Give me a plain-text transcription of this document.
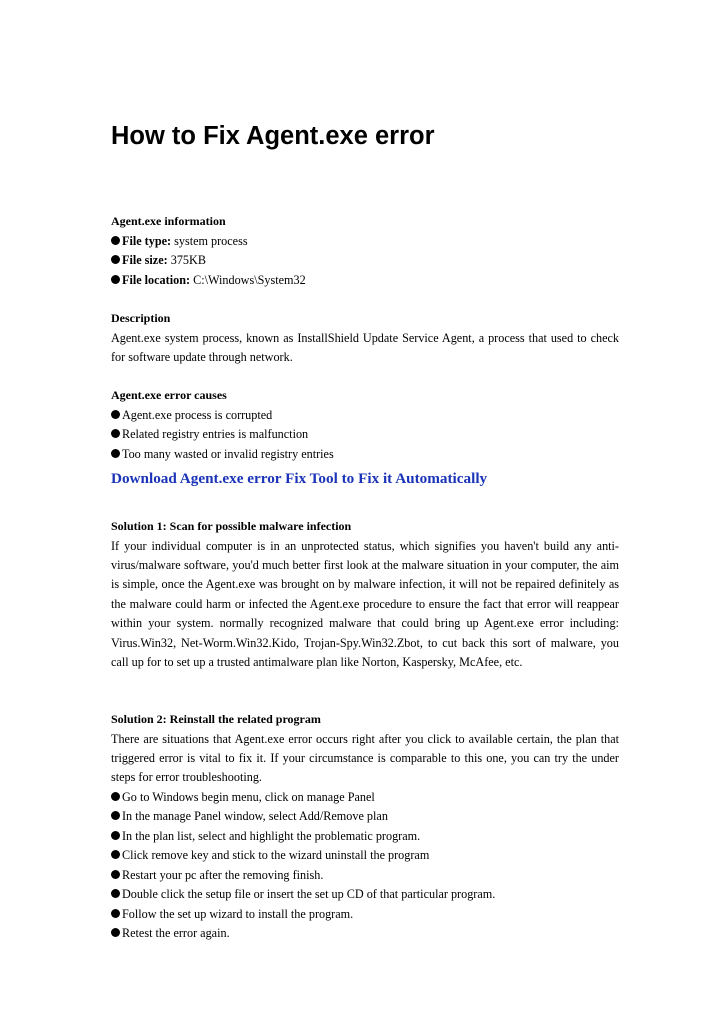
How to Fix Agent.exe error
Agent.exe information
File type: system process
File size: 375KB
File location: C:\Windows\System32
Description
Agent.exe system process, known as InstallShield Update Service Agent, a process that used to check for software update through network.
Agent.exe error causes
Agent.exe process is corrupted
Related registry entries is malfunction
Too many wasted or invalid registry entries
Download Agent.exe error Fix Tool to Fix it Automatically
Solution 1: Scan for possible malware infection
If your individual computer is in an unprotected status, which signifies you haven't build any anti-virus/malware software, you'd much better first look at the malware situation in your computer, the aim is simple, once the Agent.exe was brought on by malware infection, it will not be repaired definitely as the malware could harm or infected the Agent.exe procedure to ensure the fact that error will reappear within your system. normally recognized malware that could bring up Agent.exe error including: Virus.Win32, Net-Worm.Win32.Kido, Trojan-Spy.Win32.Zbot, to cut back this sort of malware, you call up for to set up a trusted antimalware plan like Norton, Kaspersky, McAfee, etc.
Solution 2: Reinstall the related program
There are situations that Agent.exe error occurs right after you click to available certain, the plan that triggered error is vital to fix it. If your circumstance is comparable to this one, you can try the under steps for error troubleshooting.
Go to Windows begin menu, click on manage Panel
In the manage Panel window, select Add/Remove plan
In the plan list, select and highlight the problematic program.
Click remove key and stick to the wizard uninstall the program
Restart your pc after the removing finish.
Double click the setup file or insert the set up CD of that particular program.
Follow the set up wizard to install the program.
Retest the error again.
